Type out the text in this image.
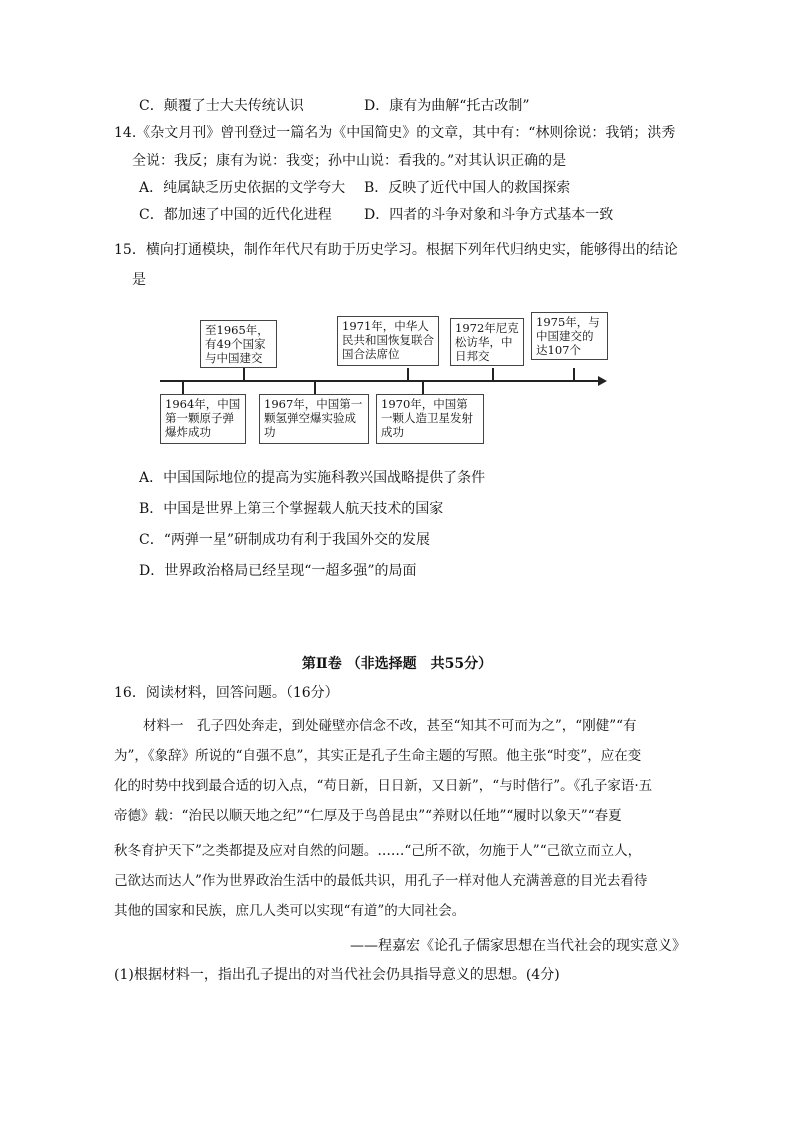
C．颠覆了士大夫传统认识	D．康有为曲解“托古改制”
14.《杂文月刊》曾刊登过一篇名为《中国简史》的文章，其中有：“林则徐说：我销；洪秀
全说：我反；康有为说：我变；孙中山说：看我的。”对其认识正确的是
A．纯属缺乏历史依据的文学夸大 B．反映了近代中国人的救国探索
C．都加速了中国的近代化进程 D．四者的斗争对象和斗争方式基本一致
15．横向打通模块，制作年代尺有助于历史学习。根据下列年代归纳史实，能够得出的结论
是
至1965年，有49个国家与中国建交
1971年，中华人民共和国恢复联合国合法席位
1972年尼克松访华，中日邦交
1975年，与中国建交的达107个
1964年，中国第一颗原子弹爆炸成功
1967年，中国第一颗氢弹空爆实验成功
1970年，中国第一颗人造卫星发射成功
A．中国国际地位的提高为实施科教兴国战略提供了条件
B．中国是世界上第三个掌握载人航天技术的国家
C．“两弹一星”研制成功有利于我国外交的发展
D．世界政治格局已经呈现“一超多强”的局面
第Ⅱ卷 （非选择题　共55分）
16．阅读材料，回答问题。（16分）
材料一　孔子四处奔走，到处碰壁亦信念不改，甚至“知其不可而为之”，“刚健”“有
为”，《象辞》所说的“自强不息”，其实正是孔子生命主题的写照。他主张“时变”，应在变
化的时势中找到最合适的切入点，“苟日新，日日新，又日新”，“与时偕行”。《孔子家语·五
帝德》载：“治民以顺天地之纪”“仁厚及于鸟兽昆虫”“养财以任地”“履时以象天”“春夏
秋冬育护天下”之类都提及应对自然的问题。……“己所不欲，勿施于人”“己欲立而立人，
己欲达而达人”作为世界政治生活中的最低共识，用孔子一样对他人充满善意的目光去看待
其他的国家和民族，庶几人类可以实现“有道”的大同社会。
——程嘉宏《论孔子儒家思想在当代社会的现实意义》
(1)根据材料一，指出孔子提出的对当代社会仍具指导意义的思想。(4分)
